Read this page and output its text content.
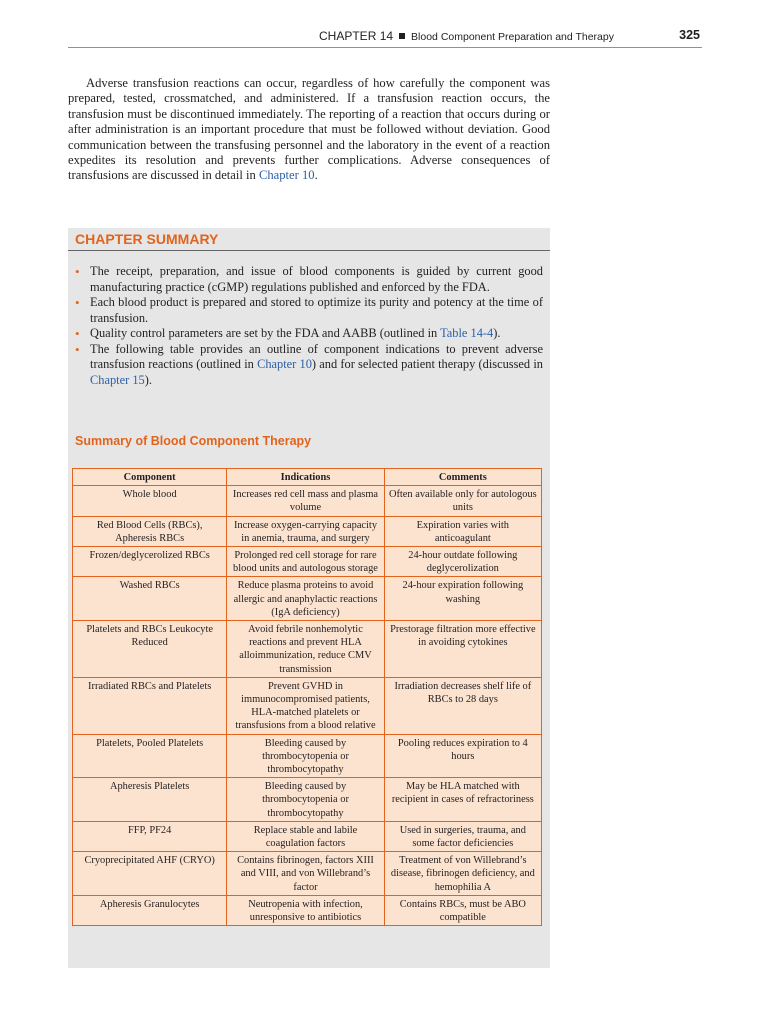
CHAPTER 14 Blood Component Preparation and Therapy	325

Adverse transfusion reactions can occur, regardless of how carefully the component was prepared, tested, crossmatched, and administered. If a transfusion reaction occurs, the transfusion must be discontinued immediately. The reporting of a reaction that occurs during or after administration is an important procedure that must be followed without deviation. Good communication between the transfusing personnel and the laboratory in the event of a reaction expedites its resolution and prevents further complications. Adverse consequences of transfusions are discussed in detail in Chapter 10.

CHAPTER SUMMARY
• The receipt, preparation, and issue of blood components is guided by current good manufacturing practice (cGMP) regulations published and enforced by the FDA.
• Each blood product is prepared and stored to optimize its purity and potency at the time of transfusion.
• Quality control parameters are set by the FDA and AABB (outlined in Table 14-4).
• The following table provides an outline of component indications to prevent adverse transfusion reactions (outlined in Chapter 10) and for selected patient therapy (discussed in Chapter 15).
Summary of Blood Component Therapy
Component	Indications	Comments
Whole blood	Increases red cell mass and plasma volume	Often available only for autologous units
Red Blood Cells (RBCs), Apheresis RBCs	Increase oxygen-carrying capacity in anemia, trauma, and surgery	Expiration varies with anticoagulant
Frozen/deglycerolized RBCs	Prolonged red cell storage for rare blood units and autologous storage	24-hour outdate following deglycerolization
Washed RBCs	Reduce plasma proteins to avoid allergic and anaphylactic reactions (IgA deficiency)	24-hour expiration following washing
Platelets and RBCs Leukocyte Reduced	Avoid febrile nonhemolytic reactions and prevent HLA alloimmunization, reduce CMV transmission	Prestorage filtration more effective in avoiding cytokines
Irradiated RBCs and Platelets	Prevent GVHD in immunocompromised patients, HLA-matched platelets or transfusions from a blood relative	Irradiation decreases shelf life of RBCs to 28 days
Platelets, Pooled Platelets	Bleeding caused by thrombocytopenia or thrombocytopathy	Pooling reduces expiration to 4 hours
Apheresis Platelets	Bleeding caused by thrombocytopenia or thrombocytopathy	May be HLA matched with recipient in cases of refractoriness
FFP, PF24	Replace stable and labile coagulation factors	Used in surgeries, trauma, and some factor deficiencies
Cryoprecipitated AHF (CRYO)	Contains fibrinogen, factors XIII and VIII, and von Willebrand’s factor	Treatment of von Willebrand’s disease, fibrinogen deficiency, and hemophilia A
Apheresis Granulocytes	Neutropenia with infection, unresponsive to antibiotics	Contains RBCs, must be ABO compatible
